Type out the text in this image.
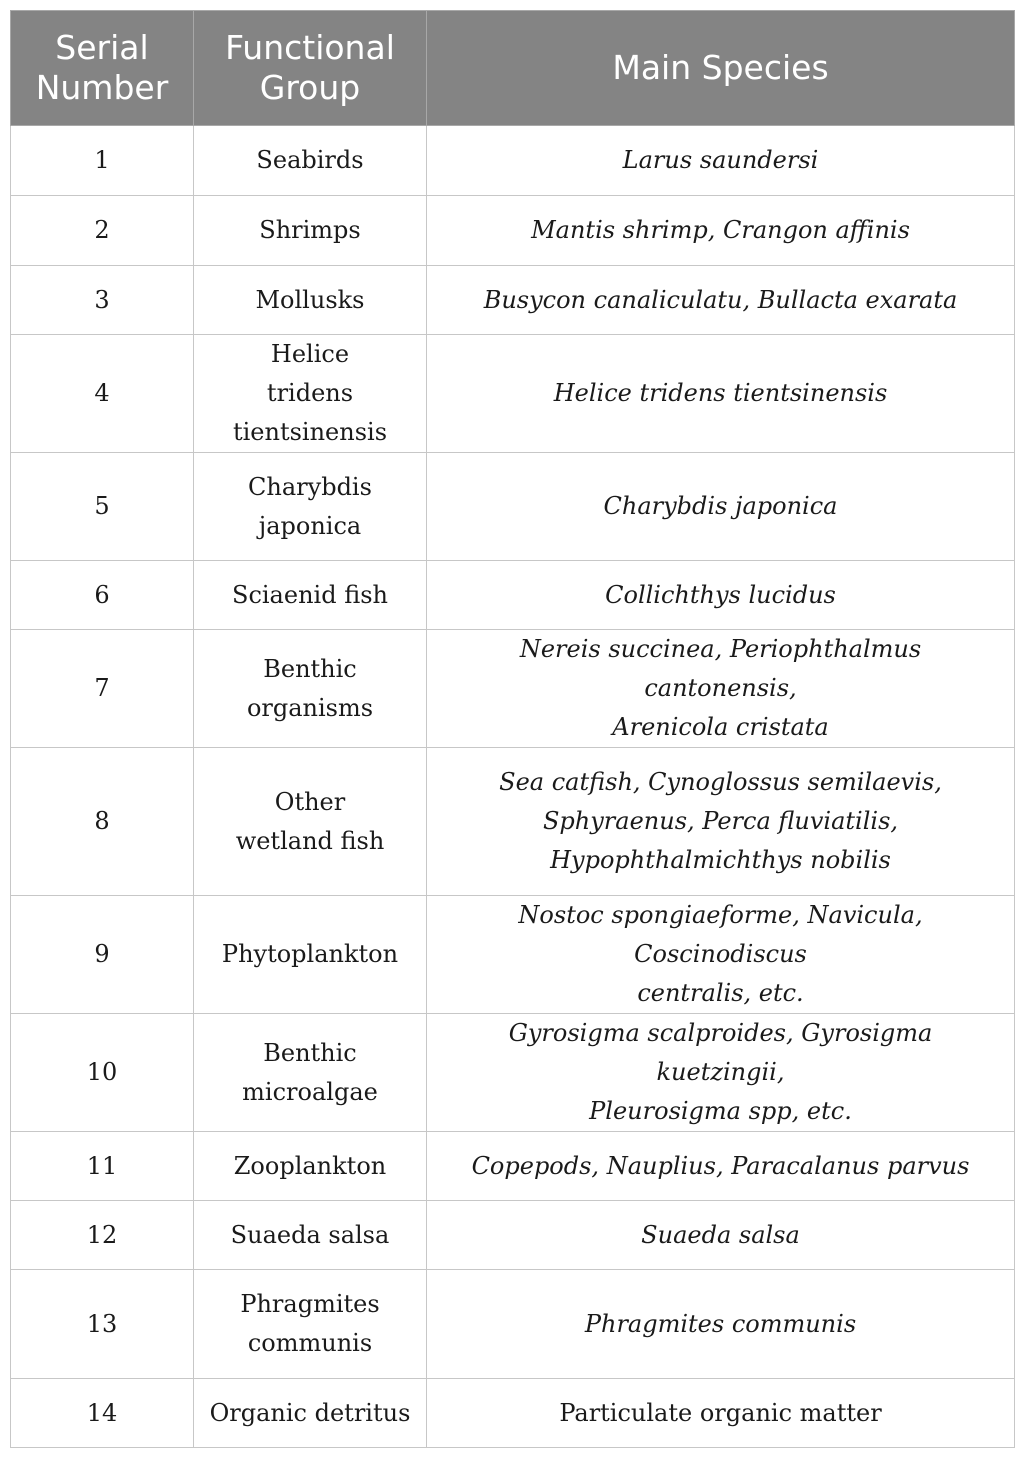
Serial
Number	Functional
Group	Main Species
1	Seabirds	Larus saundersi
2	Shrimps	Mantis shrimp, Crangon affinis
3	Mollusks	Busycon canaliculatu, Bullacta exarata
4	Helice
tridens
tientsinensis	Helice tridens tientsinensis
5	Charybdis
japonica	Charybdis japonica
6	Sciaenid fish	Collichthys lucidus
7	Benthic
organisms	Nereis succinea, Periophthalmus cantonensis,
Arenicola cristata
8	Other
wetland fish	Sea catfish, Cynoglossus semilaevis,
Sphyraenus, Perca fluviatilis,
Hypophthalmichthys nobilis
9	Phytoplankton	Nostoc spongiaeforme, Navicula, Coscinodiscus
centralis, etc.
10	Benthic
microalgae	Gyrosigma scalproides, Gyrosigma kuetzingii,
Pleurosigma spp, etc.
11	Zooplankton	Copepods, Nauplius, Paracalanus parvus
12	Suaeda salsa	Suaeda salsa
13	Phragmites
communis	Phragmites communis
14	Organic detritus	Particulate organic matter
